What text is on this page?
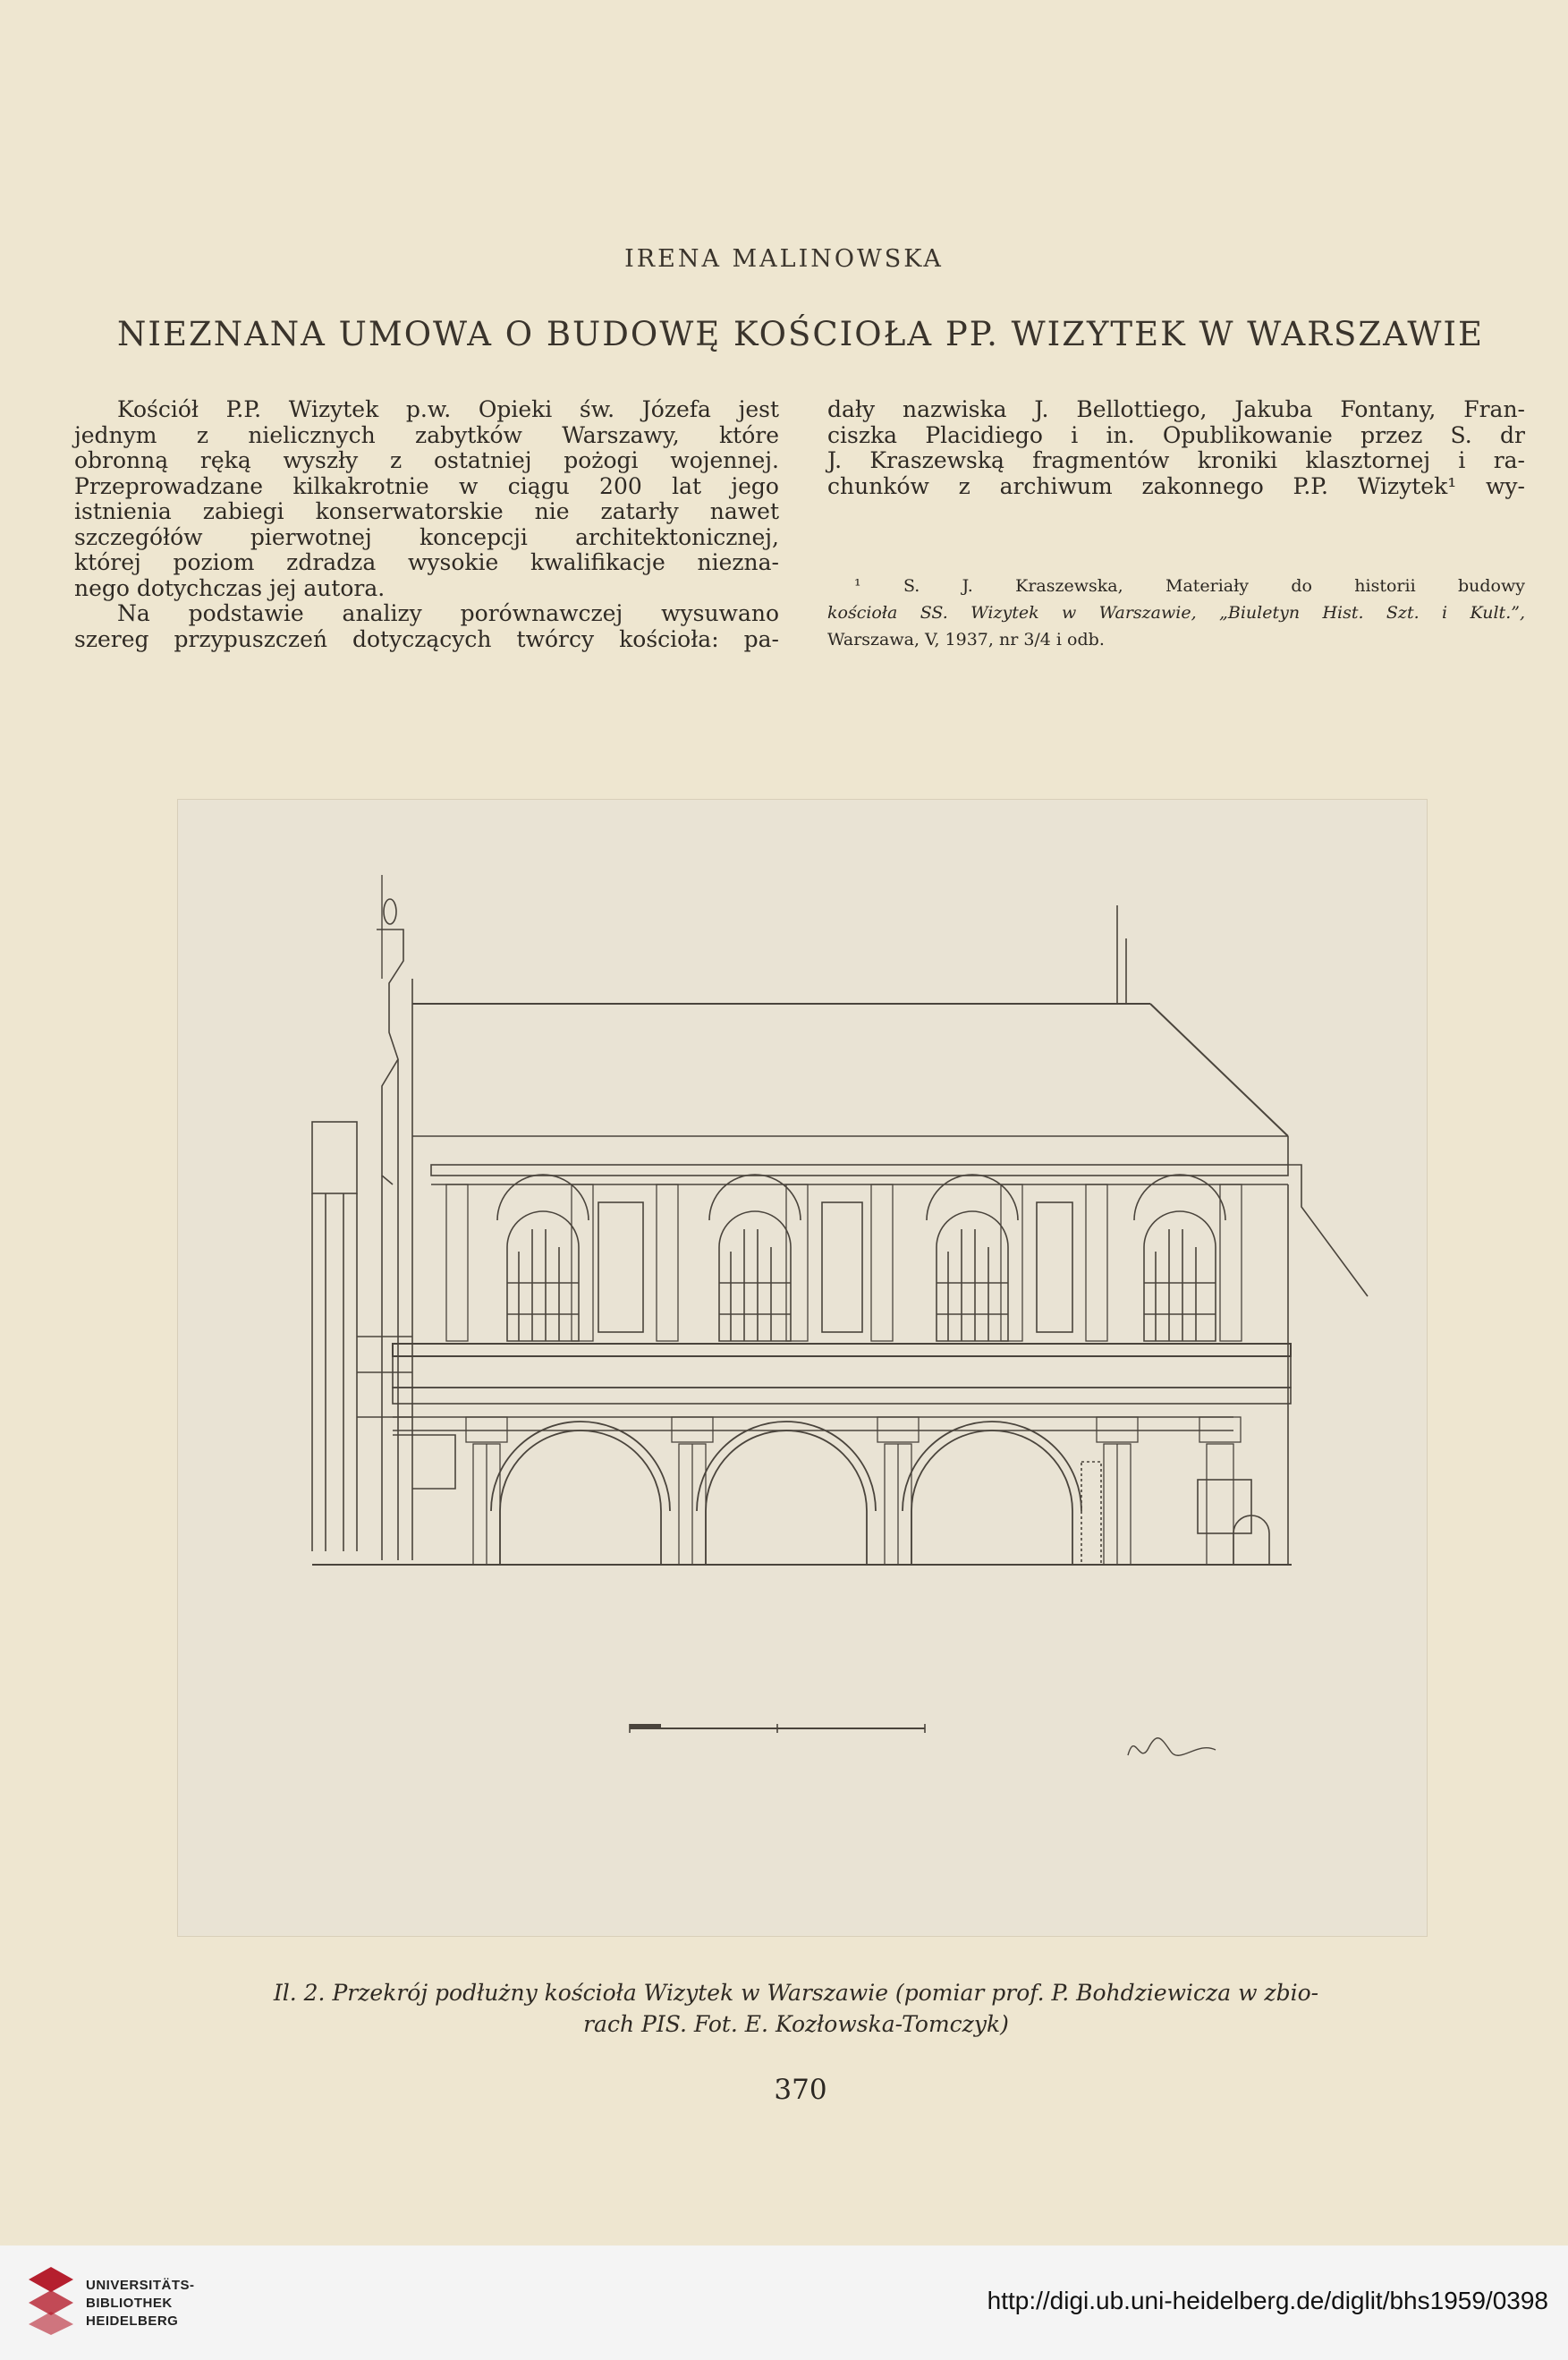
IRENA MALINOWSKA
NIEZNANA UMOWA O BUDOWĘ KOŚCIOŁA PP. WIZYTEK W WARSZAWIE
Kościół P.P. Wizytek p.w. Opieki św. Józefa jest
jednym z nielicznych zabytków Warszawy, które
obronną ręką wyszły z ostatniej pożogi wojennej.
Przeprowadzane kilkakrotnie w ciągu 200 lat jego
istnienia zabiegi konserwatorskie nie zatarły nawet
szczegółów pierwotnej koncepcji architektonicznej,
której poziom zdradza wysokie kwalifikacje niezna-
nego dotychczas jej autora.
Na podstawie analizy porównawczej wysuwano
szereg przypuszczeń dotyczących twórcy kościoła: pa-
dały nazwiska J. Bellottiego, Jakuba Fontany, Fran-
ciszka Placidiego i in. Opublikowanie przez S. dr
J. Kraszewską fragmentów kroniki klasztornej i ra-
chunków z archiwum zakonnego P.P. Wizytek¹ wy-
¹ S. J. Kraszewska, Materiały do historii budowy
kościoła SS. Wizytek w Warszawie, „Biuletyn Hist. Szt. i Kult.”,
Warszawa, V, 1937, nr 3/4 i odb.
Il. 2. Przekrój podłużny kościoła Wizytek w Warszawie (pomiar prof. P. Bohdziewicza w zbio-
rach PIS. Fot. E. Kozłowska-Tomczyk)
370
UNIVERSITÄTS-
BIBLIOTHEK
HEIDELBERG
http://digi.ub.uni-heidelberg.de/diglit/bhs1959/0398
